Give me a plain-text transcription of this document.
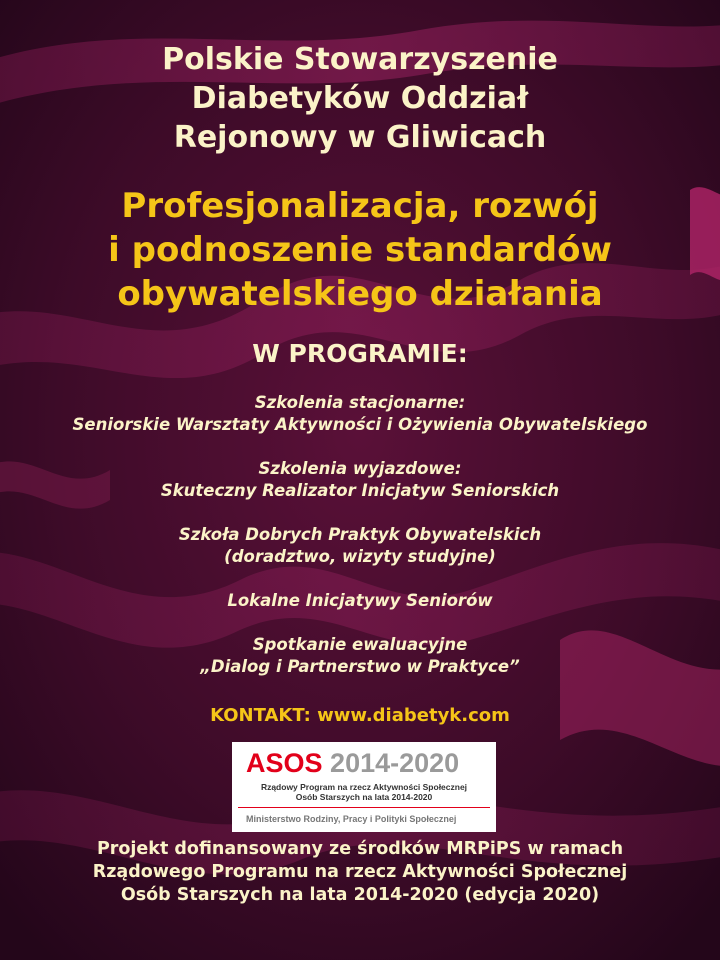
Polskie Stowarzyszenie
Diabetyków Oddział
Rejonowy w Gliwicach
Profesjonalizacja, rozwój
i podnoszenie standardów
obywatelskiego działania
W PROGRAMIE:
Szkolenia stacjonarne:
Seniorskie Warsztaty Aktywności i Ożywienia Obywatelskiego
Szkolenia wyjazdowe:
Skuteczny Realizator Inicjatyw Seniorskich
Szkoła Dobrych Praktyk Obywatelskich
(doradztwo, wizyty studyjne)
Lokalne Inicjatywy Seniorów
Spotkanie ewaluacyjne
„Dialog i Partnerstwo w Praktyce”
KONTAKT: www.diabetyk.com
ASOS 2014-2020
Rządowy Program na rzecz Aktywności Społecznej
Osób Starszych na lata 2014-2020
Ministerstwo Rodziny, Pracy i Polityki Społecznej
Projekt dofinansowany ze środków MRPiPS w ramach
Rządowego Programu na rzecz Aktywności Społecznej
Osób Starszych na lata 2014-2020 (edycja 2020)
